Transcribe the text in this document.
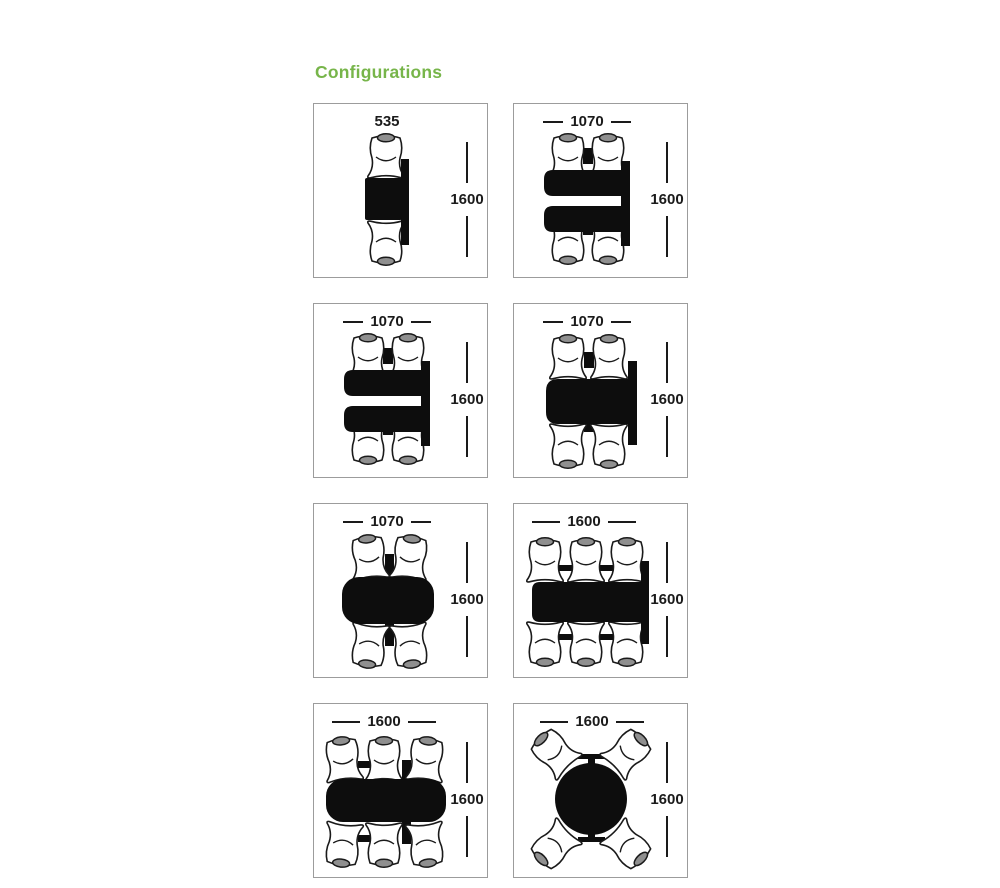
Configurations
535
1600
1070
1600
1070
1600
1070
1600
1070
1600
1600
1600
1600
1600
1600
1600
